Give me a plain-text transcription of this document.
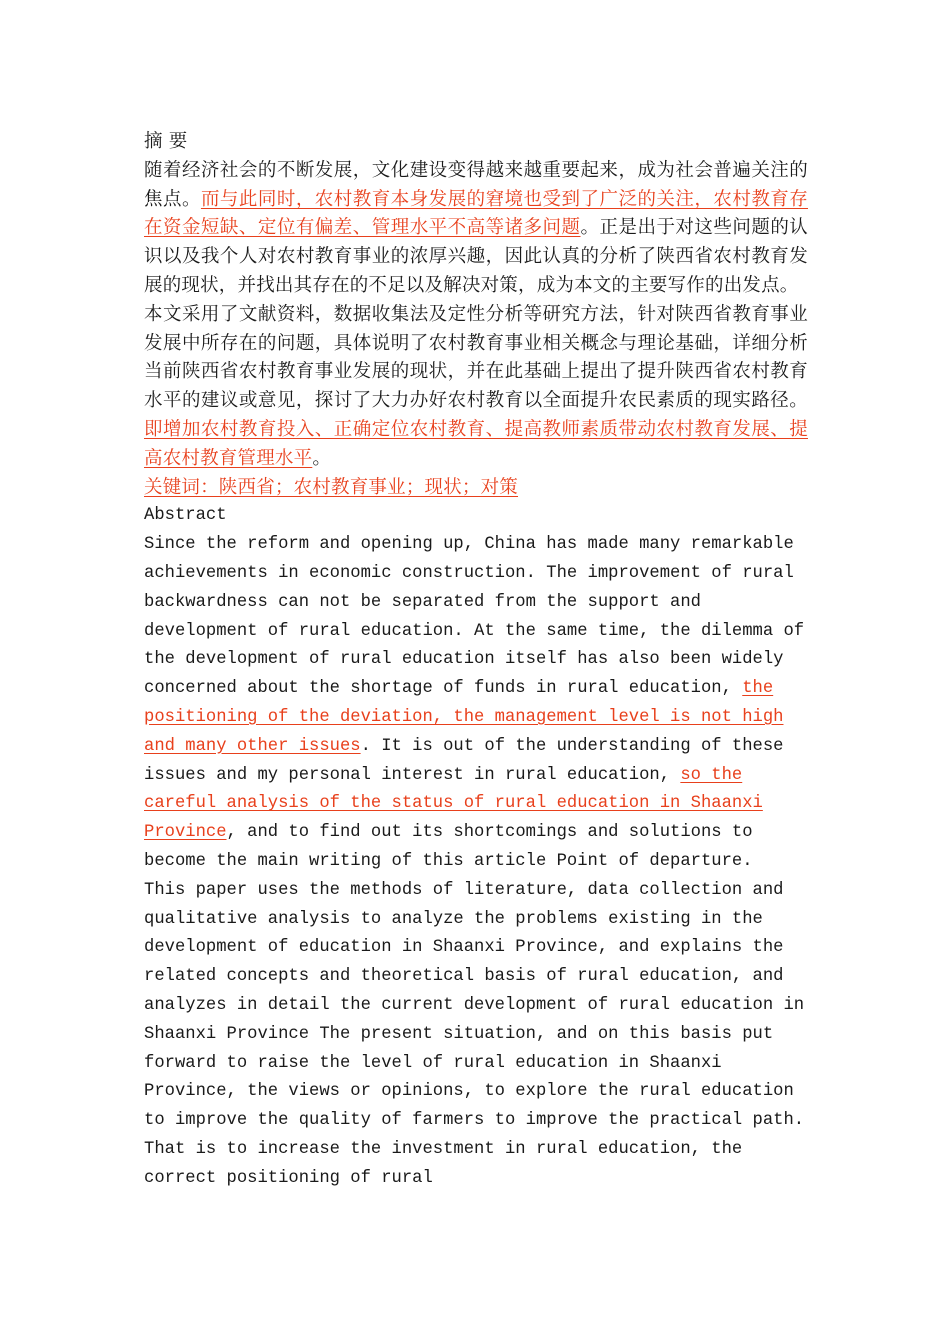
摘 要

随着经济社会的不断发展，文化建设变得越来越重要起来，成为社会普遍关注的焦点。而与此同时，农村教育本身发展的窘境也受到了广泛的关注，农村教育存在资金短缺、定位有偏差、管理水平不高等诸多问题。正是出于对这些问题的认识以及我个人对农村教育事业的浓厚兴趣，因此认真的分析了陕西省农村教育发展的现状，并找出其存在的不足以及解决对策，成为本文的主要写作的出发点。

本文采用了文献资料，数据收集法及定性分析等研究方法，针对陕西省教育事业发展中所存在的问题，具体说明了农村教育事业相关概念与理论基础，详细分析当前陕西省农村教育事业发展的现状，并在此基础上提出了提升陕西省农村教育水平的建议或意见，探讨了大力办好农村教育以全面提升农民素质的现实路径。即增加农村教育投入、正确定位农村教育、提高教师素质带动农村教育发展、提高农村教育管理水平。

关键词：陕西省；农村教育事业；现状；对策

Abstract

Since the reform and opening up, China has made many remarkable achievements in economic construction. The improvement of rural backwardness can not be separated from the support and development of rural education. At the same time, the dilemma of the development of rural education itself has also been widely concerned about the shortage of funds in rural education, the positioning of the deviation, the management level is not high and many other issues. It is out of the understanding of these issues and my personal interest in rural education, so the careful analysis of the status of rural education in Shaanxi Province, and to find out its shortcomings and solutions to become the main writing of this article Point of departure.

This paper uses the methods of literature, data collection and qualitative analysis to analyze the problems existing in the development of education in Shaanxi Province, and explains the related concepts and theoretical basis of rural education, and analyzes in detail the current development of rural education in Shaanxi Province The present situation, and on this basis put forward to raise the level of rural education in Shaanxi Province, the views or opinions, to explore the rural education to improve the quality of farmers to improve the practical path. That is to increase the investment in rural education, the correct positioning of rural
